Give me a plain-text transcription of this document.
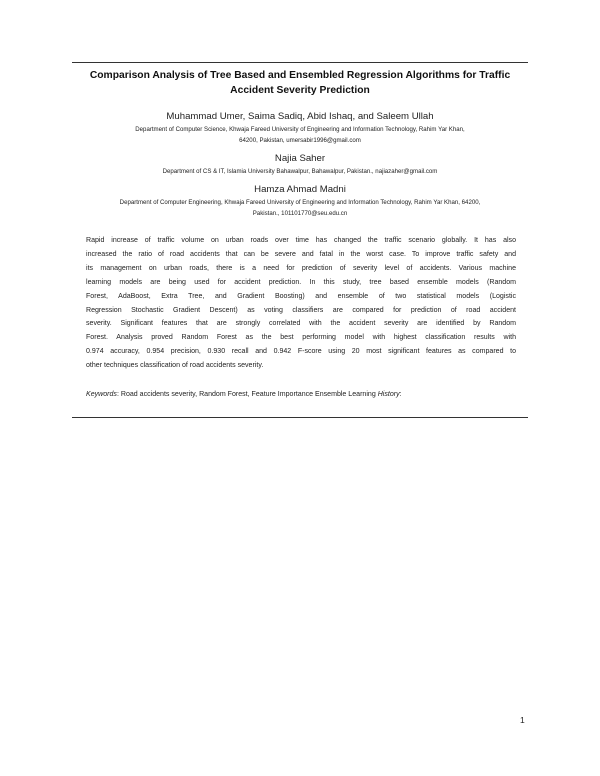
Comparison Analysis of Tree Based and Ensembled Regression Algorithms for Traffic
Accident Severity Prediction
Muhammad Umer, Saima Sadiq, Abid Ishaq, and Saleem Ullah
Department of Computer Science, Khwaja Fareed University of Engineering and Information Technology, Rahim Yar Khan,
64200, Pakistan, umersabir1996@gmail.com
Najia Saher
Department of CS & IT, Islamia University Bahawalpur, Bahawalpur, Pakistan., najiazaher@gmail.com
Hamza Ahmad Madni
Department of Computer Engineering, Khwaja Fareed University of Engineering and Information Technology, Rahim Yar Khan, 64200,
Pakistan., 101101770@seu.edu.cn
Rapid increase of traffic volume on urban roads over time has changed the traffic scenario globally. It has also
increased the ratio of road accidents that can be severe and fatal in the worst case. To improve traffic safety and
its management on urban roads, there is a need for prediction of severity level of accidents. Various machine
learning models are being used for accident prediction. In this study, tree based ensemble models (Random
Forest, AdaBoost, Extra Tree, and Gradient Boosting) and ensemble of two statistical models (Logistic
Regression Stochastic Gradient Descent) as voting classifiers are compared for prediction of road accident
severity. Significant features that are strongly correlated with the accident severity are identified by Random
Forest. Analysis proved Random Forest as the best performing model with highest classification results with
0.974 accuracy, 0.954 precision, 0.930 recall and 0.942 F-score using 20 most significant features as compared to
other techniques classification of road accidents severity.
Keywords: Road accidents severity, Random Forest, Feature Importance Ensemble Learning History:
1
